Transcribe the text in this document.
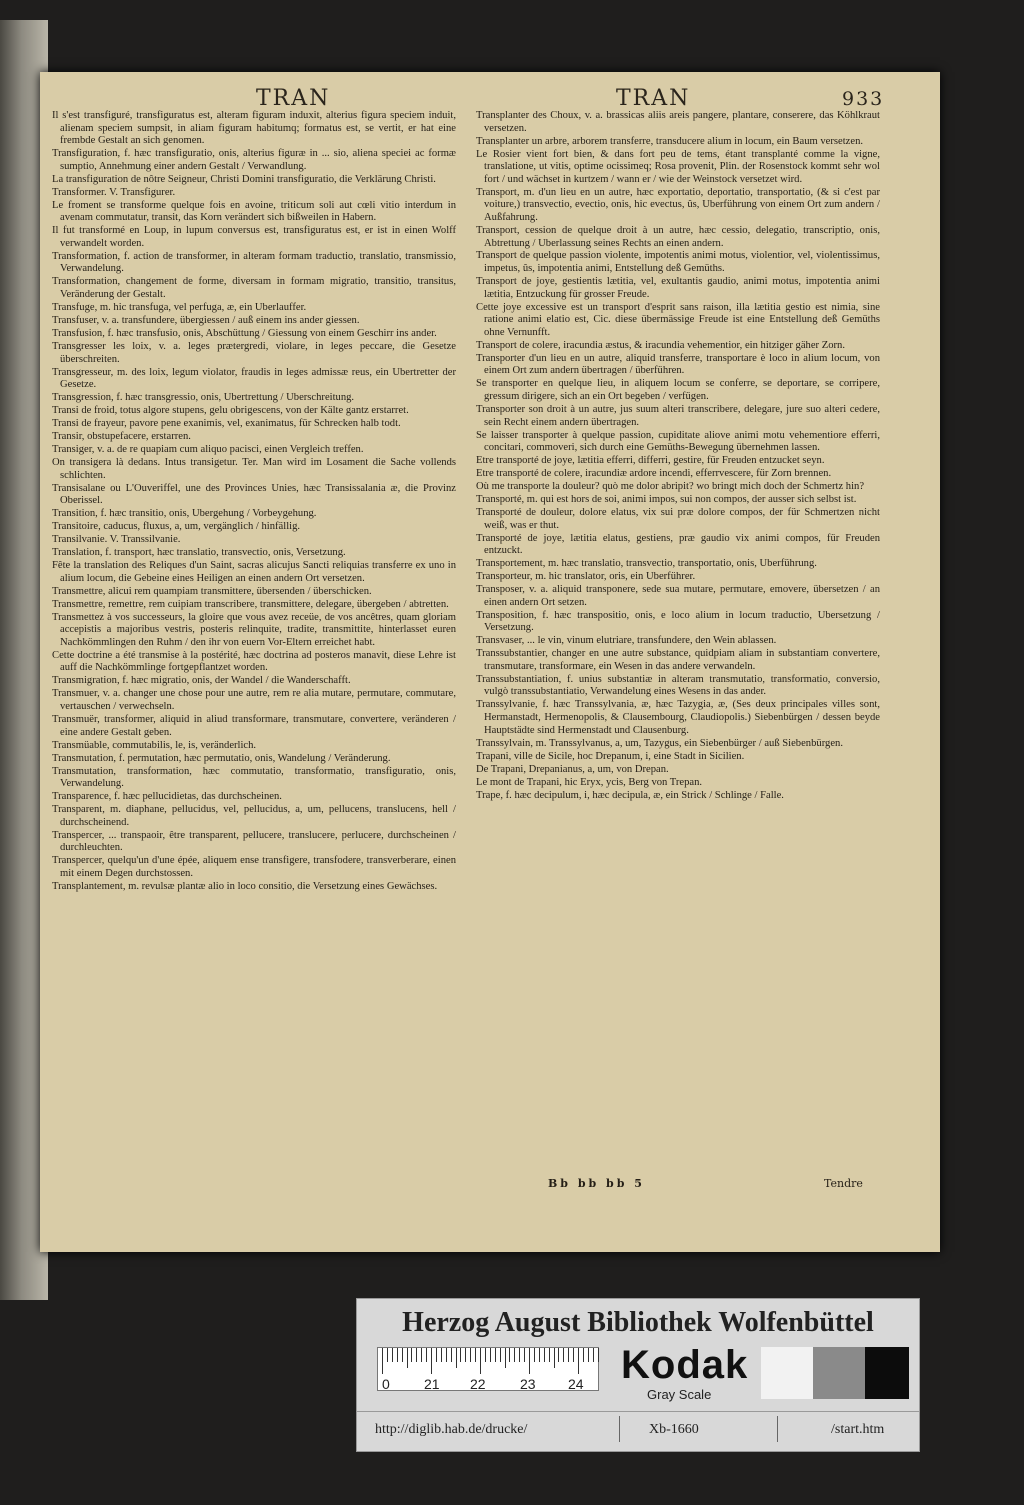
TRAN	TRAN	933

Il s'est transfiguré, transfiguratus est, alteram figuram induxit, alterius figura speciem induit, alienam speciem sumpsit, in aliam figuram habitumq; formatus est, se vertit, er hat eine frembde Gestalt an sich genomen.

Transfiguration, f. hæc transfiguratio, onis, alterius figuræ in ... sio, aliena speciei ac formæ sumptio, Annehmung einer andern Gestalt / Verwandlung.

La transfiguration de nôtre Seigneur, Christi Domini transfiguratio, die Verklärung Christi.

Transformer. V. Transfigurer.

Le froment se transforme quelque fois en avoine, triticum soli aut cœli vitio interdum in avenam commutatur, transit, das Korn verändert sich bißweilen in Habern.

Il fut transformé en Loup, in lupum conversus est, transfiguratus est, er ist in einen Wolff verwandelt worden.

Transformation, f. action de transformer, in alteram formam traductio, translatio, transmissio, Verwandelung.

Transformation, changement de forme, diversam in formam migratio, transitio, transitus, Veränderung der Gestalt.

Transfuge, m. hic transfuga, vel perfuga, æ, ein Uberlauffer.

Transfuser, v. a. transfundere, übergiessen / auß einem ins ander giessen.

Transfusion, f. hæc transfusio, onis, Abschüttung / Giessung von einem Geschirr ins ander.

Transgresser les loix, v. a. leges prætergredi, violare, in leges peccare, die Gesetze überschreiten.

Transgresseur, m. des loix, legum violator, fraudis in leges admissæ reus, ein Ubertretter der Gesetze.

Transgression, f. hæc transgressio, onis, Ubertrettung / Uberschreitung.

Transi de froid, totus algore stupens, gelu obrigescens, von der Kälte gantz erstarret.

Transi de frayeur, pavore pene exanimis, vel, exanimatus, für Schrecken halb todt.

Transir, obstupefacere, erstarren.

Transiger, v. a. de re quapiam cum aliquo pacisci, einen Vergleich treffen.

On transigera là dedans. Intus transigetur. Ter. Man wird im Losament die Sache vollends schlichten.

Transisalane ou L'Ouveriffel, une des Provinces Unies, hæc Transissalania æ, die Provinz Oberissel.

Transition, f. hæc transitio, onis, Ubergehung / Vorbeygehung.

Transitoire, caducus, fluxus, a, um, vergänglich / hinfällig.

Transilvanie. V. Transsilvanie.

Translation, f. transport, hæc translatio, transvectio, onis, Versetzung.

Fête la translation des Reliques d'un Saint, sacras alicujus Sancti reliquias transferre ex uno in alium locum, die Gebeine eines Heiligen an einen andern Ort versetzen.

Transmettre, alicui rem quampiam transmittere, übersenden / überschicken.

Transmettre, remettre, rem cuipiam transcribere, transmittere, delegare, übergeben / abtretten.

Transmettez à vos successeurs, la gloire que vous avez receüe, de vos ancêtres, quam gloriam accepistis a majoribus vestris, posteris relinquite, tradite, transmittite, hinterlasset euren Nachkömmlingen den Ruhm / den ihr von euern Vor-Eltern erreichet habt.

Cette doctrine a été transmise à la postérité, hæc doctrina ad posteros manavit, diese Lehre ist auff die Nachkömmlinge fortgepflantzet worden.

Transmigration, f. hæc migratio, onis, der Wandel / die Wanderschafft.

Transmuer, v. a. changer une chose pour une autre, rem re alia mutare, permutare, commutare, vertauschen / verwechseln.

Transmuër, transformer, aliquid in aliud transformare, transmutare, convertere, veränderen / eine andere Gestalt geben.

Transmüable, commutabilis, le, is, veränderlich.

Transmutation, f. permutation, hæc permutatio, onis, Wandelung / Veränderung.

Transmutation, transformation, hæc commutatio, transformatio, transfiguratio, onis, Verwandelung.

Transparence, f. hæc pellucidietas, das durchscheinen.

Transparent, m. diaphane, pellucidus, vel, pellucidus, a, um, pellucens, translucens, hell / durchscheinend.

Transpercer, ... transpaoir, être transparent, pellucere, translucere, perlucere, durchscheinen / durchleuchten.

Transpercer, quelqu'un d'une épée, aliquem ense transfigere, transfodere, transverberare, einen mit einem Degen durchstossen.

Transplantement, m. revulsæ plantæ alio in loco consitio, die Versetzung eines Gewächses.

Transplanter des Choux, v. a. brassicas aliis areis pangere, plantare, conserere, das Köhlkraut versetzen.

Transplanter un arbre, arborem transferre, transducere alium in locum, ein Baum versetzen.

Le Rosier vient fort bien, & dans fort peu de tems, étant transplanté comme la vigne, translatione, ut vitis, optime ocissimeq; Rosa provenit, Plin. der Rosenstock kommt sehr wol fort / und wächset in kurtzem / wann er / wie der Weinstock versetzet wird.

Transport, m. d'un lieu en un autre, hæc exportatio, deportatio, transportatio, (& si c'est par voiture,) transvectio, evectio, onis, hic evectus, ûs, Uberführung von einem Ort zum andern / Außfahrung.

Transport, cession de quelque droit à un autre, hæc cessio, delegatio, transcriptio, onis, Abtrettung / Uberlassung seines Rechts an einen andern.

Transport de quelque passion violente, impotentis animi motus, violentior, vel, violentissimus, impetus, ûs, impotentia animi, Entstellung deß Gemüths.

Transport de joye, gestientis lætitia, vel, exultantis gaudio, animi motus, impotentia animi lætitia, Entzuckung für grosser Freude.

Cette joye excessive est un transport d'esprit sans raison, illa lætitia gestio est nimia, sine ratione animi elatio est, Cic. diese übermässige Freude ist eine Entstellung deß Gemüths ohne Vernunfft.

Transport de colere, iracundia æstus, & iracundia vehementior, ein hitziger gäher Zorn.

Transporter d'un lieu en un autre, aliquid transferre, transportare è loco in alium locum, von einem Ort zum andern übertragen / überführen.

Se transporter en quelque lieu, in aliquem locum se conferre, se deportare, se corripere, gressum dirigere, sich an ein Ort begeben / verfügen.

Transporter son droit à un autre, jus suum alteri transcribere, delegare, jure suo alteri cedere, sein Recht einem andern übertragen.

Se laisser transporter à quelque passion, cupiditate aliove animi motu vehementiore efferri, concitari, commoveri, sich durch eine Gemüths-Bewegung übernehmen lassen.

Etre transporté de joye, lætitia efferri, differri, gestire, für Freuden entzucket seyn.

Etre transporté de colere, iracundiæ ardore incendi, efferrvescere, für Zorn brennen.

Où me transporte la douleur? quò me dolor abripit? wo bringt mich doch der Schmertz hin?

Transporté, m. qui est hors de soi, animi impos, sui non compos, der ausser sich selbst ist.

Transporté de douleur, dolore elatus, vix sui præ dolore compos, der für Schmertzen nicht weiß, was er thut.

Transporté de joye, lætitia elatus, gestiens, præ gaudio vix animi compos, für Freuden entzuckt.

Transportement, m. hæc translatio, transvectio, transportatio, onis, Uberführung.

Transporteur, m. hic translator, oris, ein Uberführer.

Transposer, v. a. aliquid transponere, sede sua mutare, permutare, emovere, übersetzen / an einen andern Ort setzen.

Transposition, f. hæc transpositio, onis, e loco alium in locum traductio, Ubersetzung / Versetzung.

Transvaser, ... le vin, vinum elutriare, transfundere, den Wein ablassen.

Transsubstantier, changer en une autre substance, quidpiam aliam in substantiam convertere, transmutare, transformare, ein Wesen in das andere verwandeln.

Transsubstantiation, f. unius substantiæ in alteram transmutatio, transformatio, conversio, vulgò transsubstantiatio, Verwandelung eines Wesens in das ander.

Transsylvanie, f. hæc Transsylvania, æ, hæc Tazygia, æ, (Ses deux principales villes sont, Hermanstadt, Hermenopolis, & Clausembourg, Claudiopolis.) Siebenbürgen / dessen beyde Hauptstädte sind Hermenstadt und Clausenburg.

Transsylvain, m. Transsylvanus, a, um, Tazygus, ein Siebenbürger / auß Siebenbürgen.

Trapani, ville de Sicile, hoc Drepanum, i, eine Stadt in Sicilien.

De Trapani, Drepanianus, a, um, von Drepan.

Le mont de Trapani, hic Eryx, ycis, Berg von Trepan.

Trape, f. hæc decipulum, i, hæc decipula, æ, ein Strick / Schlinge / Falle.

Bb bb bb 5	Tendre
Herzog August Bibliothek Wolfenbüttel
0 21 22 23 24 Kodak
Gray Scale
http://diglib.hab.de/drucke/	Xb-1660	/start.htm
